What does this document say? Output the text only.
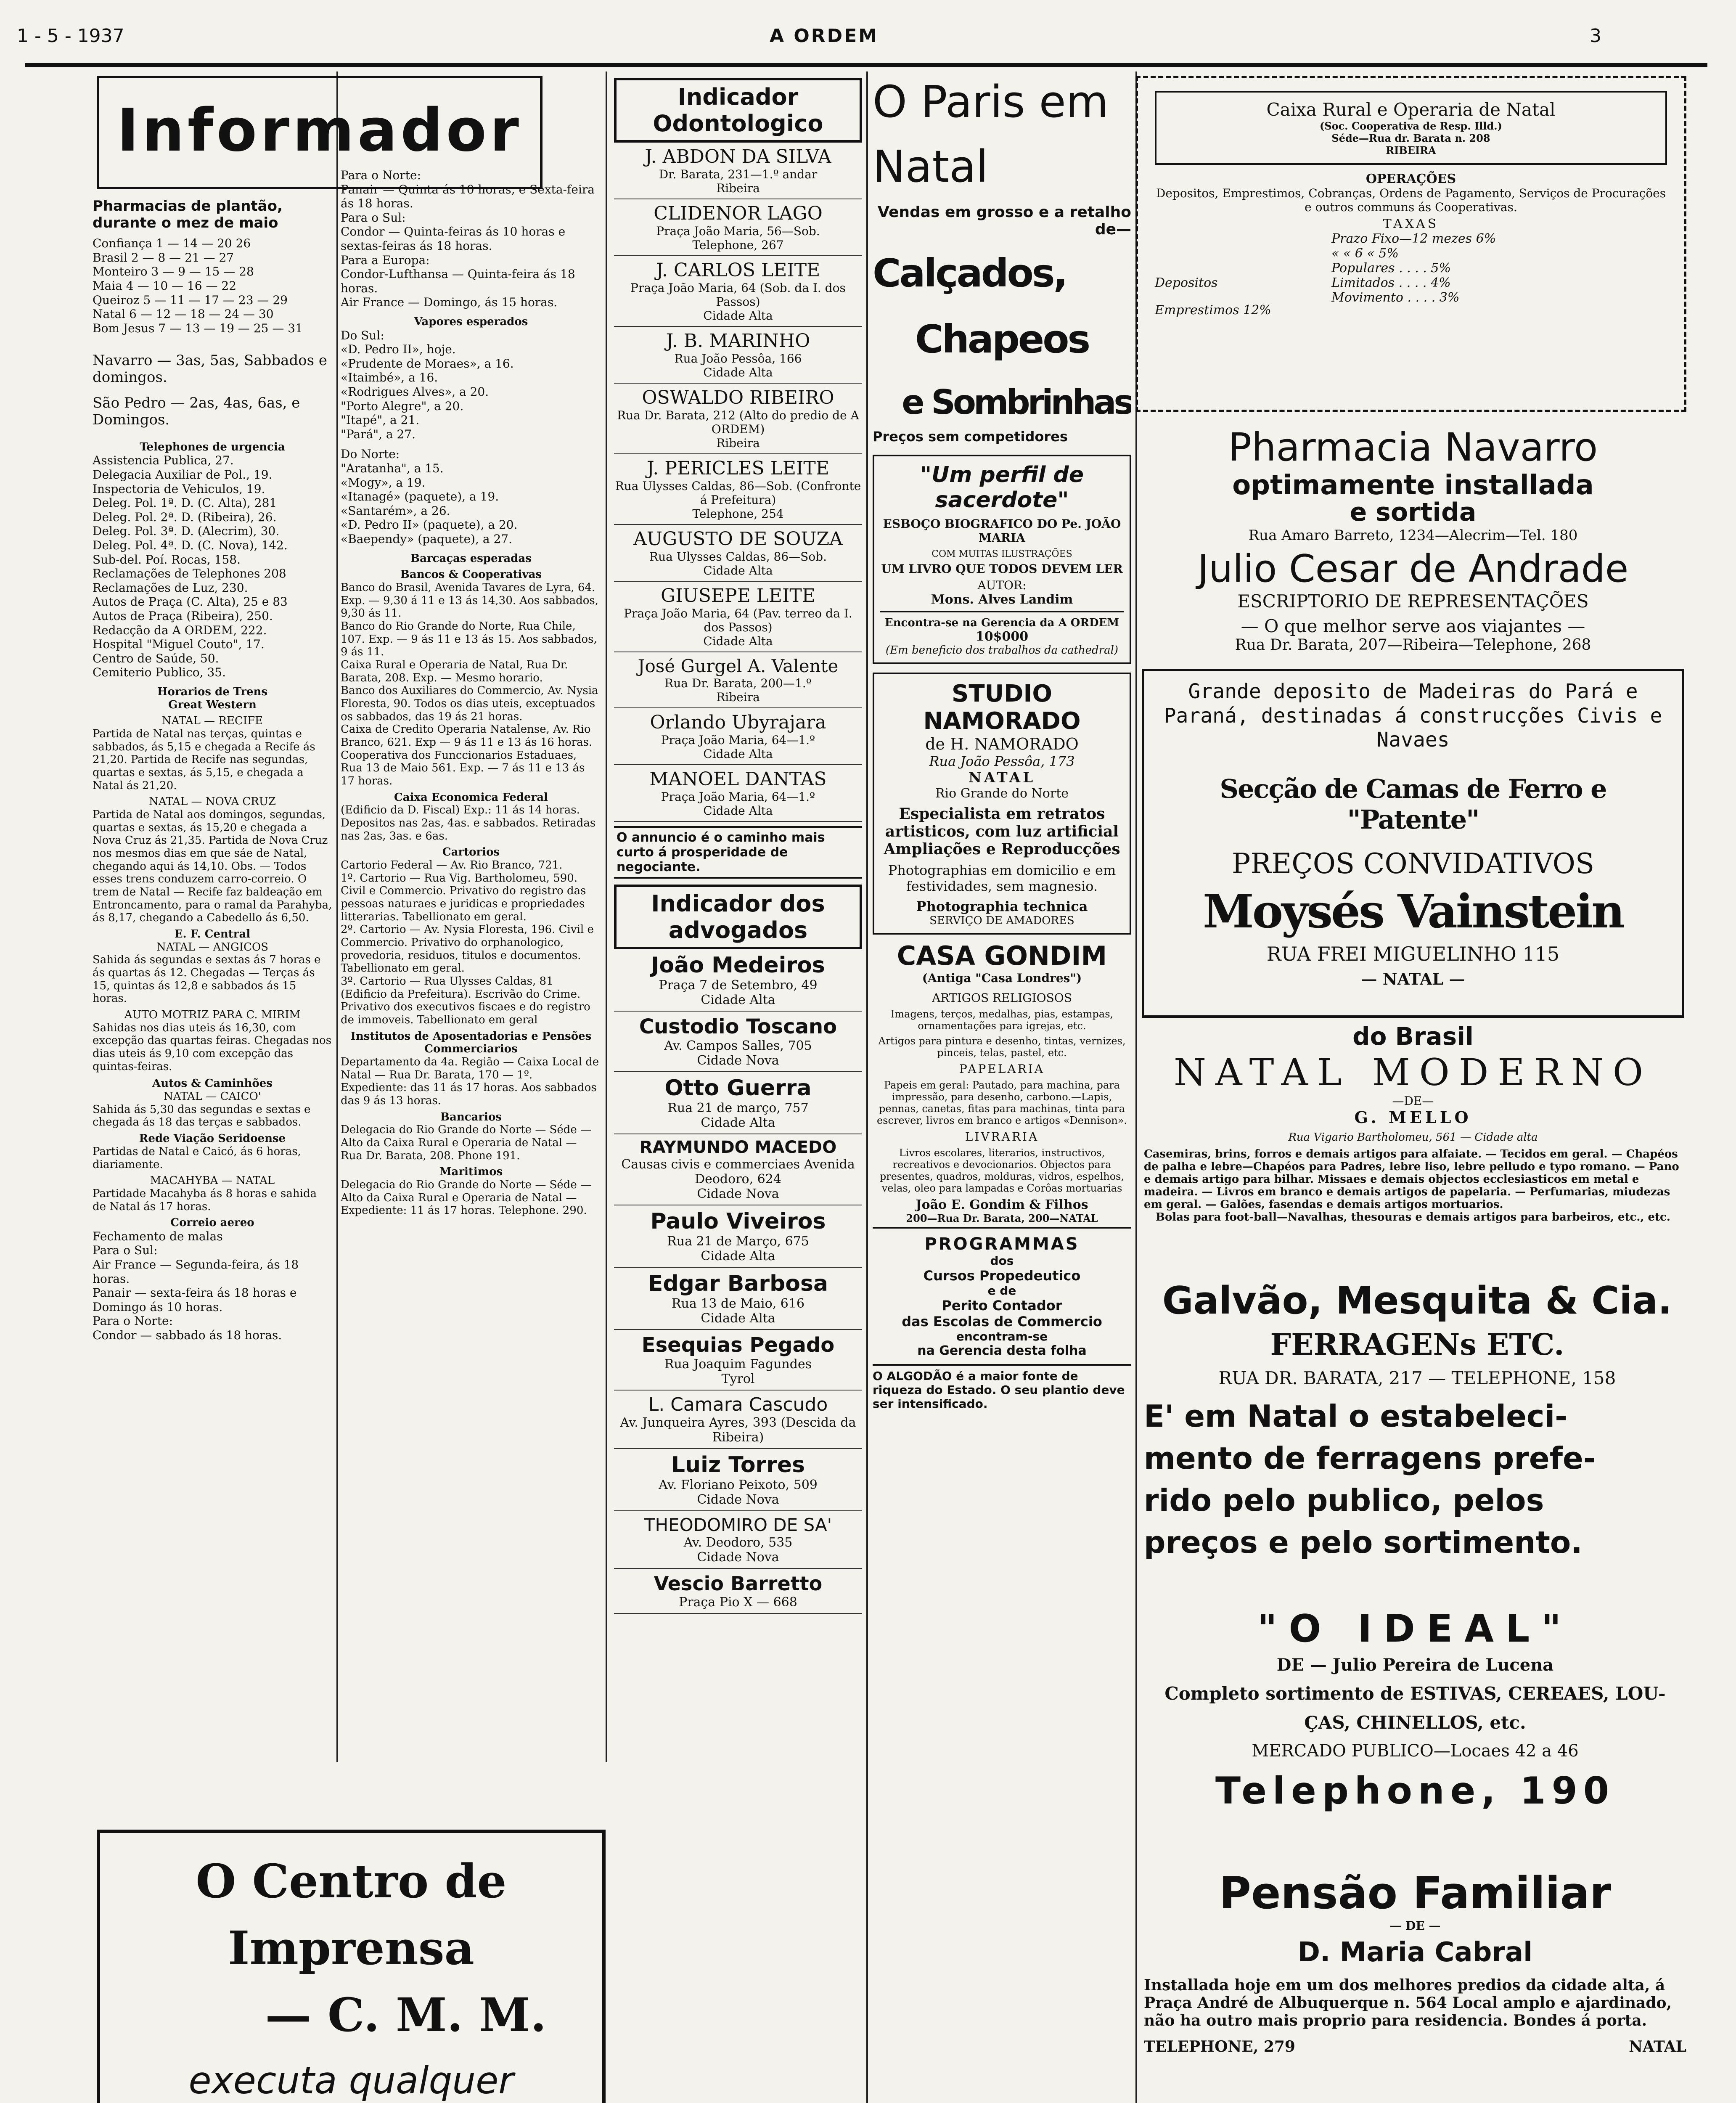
1 - 5 - 1937	A ORDEM	3
Informador

Pharmacias de plantão, durante o mez de maio

Confiança 1 — 14 — 20 26
Brasil 2 — 8 — 21 — 27
Monteiro 3 — 9 — 15 — 28
Maia 4 — 10 — 16 — 22
Queiroz 5 — 11 — 17 — 23 — 29
Natal 6 — 12 — 18 — 24 — 30
Bom Jesus 7 — 13 — 19 — 25 — 31

Navarro — 3as, 5as, Sabbados e domingos.

São Pedro — 2as, 4as, 6as, e Domingos.

Telephones de urgencia

Assistencia Publica, 27.
Delegacia Auxiliar de Pol., 19.
Inspectoria de Vehiculos, 19.
Deleg. Pol. 1ª. D. (C. Alta), 281
Deleg. Pol. 2ª. D. (Ribeira), 26.
Deleg. Pol. 3ª. D. (Alecrim), 30.
Deleg. Pol. 4ª. D. (C. Nova), 142.
Sub-del. Poí. Rocas, 158.
Reclamações de Telephones 208
Reclamações de Luz, 230.
Autos de Praça (C. Alta), 25 e 83
Autos de Praça (Ribeira), 250.
Redacção da A ORDEM, 222.
Hospital "Miguel Couto", 17.
Centro de Saúde, 50.
Cemiterio Publico, 35.

Horarios de Trens

Great Western

NATAL — RECIFE

Partida de Natal nas terças, quintas e sabbados, ás 5,15 e chegada a Recife ás 21,20. Partida de Recife nas segundas, quartas e sextas, ás 5,15, e chegada a Natal ás 21,20.

NATAL — NOVA CRUZ

Partida de Natal aos domingos, segundas, quartas e sextas, ás 15,20 e chegada a Nova Cruz ás 21,35. Partida de Nova Cruz nos mesmos dias em que sáe de Natal, chegando aqui ás 14,10. Obs. — Todos esses trens conduzem carro-correio. O trem de Natal — Recife faz baldeação em Entroncamento, para o ramal da Parahyba, ás 8,17, chegando a Cabedello ás 6,50.

E. F. Central

NATAL — ANGICOS

Sahida ás segundas e sextas ás 7 horas e ás quartas ás 12. Chegadas — Terças ás 15, quintas ás 12,8 e sabbados ás 15 horas.

AUTO MOTRIZ PARA C. MIRIM

Sahidas nos dias uteis ás 16,30, com excepção das quartas feiras. Chegadas nos dias uteis ás 9,10 com excepção das quintas-feiras.

Autos & Caminhões

NATAL — CAICO'

Sahida ás 5,30 das segundas e sextas e chegada ás 18 das terças e sabbados.

Rede Viação Seridoense

Partidas de Natal e Caicó, ás 6 horas, diariamente.

MACAHYBA — NATAL

Partidade Macahyba ás 8 horas e sahida de Natal ás 17 horas.

Correio aereo

Fechamento de malas
Para o Sul:
Air France — Segunda-feira, ás 18 horas.
Panair — sexta-feira ás 18 horas e Domingo ás 10 horas.
Para o Norte:
Condor — sabbado ás 18 horas.
Para o Norte:
Panair — Quinta ás 10 horas, e Sexta-feira ás 18 horas.
Para o Sul:
Condor — Quinta-feiras ás 10 horas e sextas-feiras ás 18 horas.
Para a Europa:
Condor-Lufthansa — Quinta-feira ás 18 horas.
Air France — Domingo, ás 15 horas.

Vapores esperados

Do Sul:
«D. Pedro II», hoje.
«Prudente de Moraes», a 16.
«Itaimbé», a 16.
«Rodrigues Alves», a 20.
"Porto Alegre", a 20.
"Itapé", a 21.
"Pará", a 27.
Do Norte:
"Aratanha", a 15.
«Mogy», a 19.
«Itanagé» (paquete), a 19.
«Santarém», a 26.
«D. Pedro II» (paquete), a 20.
«Baependy» (paquete), a 27.

Barcaças esperadas

Bancos & Cooperativas

Banco do Brasil, Avenida Tavares de Lyra, 64. Exp. — 9,30 á 11 e 13 ás 14,30. Aos sabbados, 9,30 ás 11.

Banco do Rio Grande do Norte, Rua Chile, 107. Exp. — 9 ás 11 e 13 ás 15. Aos sabbados, 9 ás 11.

Caixa Rural e Operaria de Natal, Rua Dr. Barata, 208. Exp. — Mesmo horario.

Banco dos Auxiliares do Commercio, Av. Nysia Floresta, 90. Todos os dias uteis, exceptuados os sabbados, das 19 ás 21 horas.

Caixa de Credito Operaria Natalense, Av. Rio Branco, 621. Exp — 9 ás 11 e 13 ás 16 horas.

Cooperativa dos Funccionarios Estaduaes, Rua 13 de Maio 561. Exp. — 7 ás 11 e 13 ás 17 horas.

Caixa Economica Federal

(Edificio da D. Fiscal) Exp.: 11 ás 14 horas. Depositos nas 2as, 4as. e sabbados. Retiradas nas 2as, 3as. e 6as.

Cartorios

Cartorio Federal — Av. Rio Branco, 721.

1º. Cartorio — Rua Vig. Bartholomeu, 590. Civil e Commercio. Privativo do registro das pessoas naturaes e juridicas e propriedades litterarias. Tabellionato em geral.

2º. Cartorio — Av. Nysia Floresta, 196. Civil e Commercio. Privativo do orphanologico, provedoria, residuos, titulos e documentos. Tabellionato em geral.

3º. Cartorio — Rua Ulysses Caldas, 81 (Edificio da Prefeitura). Escrivão do Crime. Privativo dos executivos fiscaes e do registro de immoveis. Tabellionato em geral

Institutos de Aposentadorias e Pensões Commerciarios

Departamento da 4a. Região — Caixa Local de Natal — Rua Dr. Barata, 170 — 1º. Expediente: das 11 ás 17 horas. Aos sabbados das 9 ás 13 horas.

Bancarios

Delegacia do Rio Grande do Norte — Séde — Alto da Caixa Rural e Operaria de Natal — Rua Dr. Barata, 208. Phone 191.

Maritimos

Delegacia do Rio Grande do Norte — Séde — Alto da Caixa Rural e Operaria de Natal — Expediente: 11 ás 17 horas. Telephone. 290.

O Centro de
Imprensa
— C. M. M.
executa qualquer
Indicador Odontologico
J. ABDON DA SILVA
Dr. Barata, 231—1.º andar
Ribeira
CLIDENOR LAGO
Praça João Maria, 56—Sob.
Telephone, 267
J. CARLOS LEITE
Praça João Maria, 64 (Sob. da I. dos Passos)
Cidade Alta
J. B. MARINHO
Rua João Pessôa, 166
Cidade Alta
OSWALDO RIBEIRO
Rua Dr. Barata, 212 (Alto do predio de A ORDEM)
Ribeira
J. PERICLES LEITE
Rua Ulysses Caldas, 86—Sob. (Confronte á Prefeitura)
Telephone, 254
AUGUSTO DE SOUZA
Rua Ulysses Caldas, 86—Sob.
Cidade Alta
GIUSEPE LEITE
Praça João Maria, 64 (Pav. terreo da I. dos Passos)
Cidade Alta
José Gurgel A. Valente
Rua Dr. Barata, 200—1.º
Ribeira
Orlando Ubyrajara
Praça João Maria, 64—1.º
Cidade Alta
MANOEL DANTAS
Praça João Maria, 64—1.º
Cidade Alta
O annuncio é o caminho mais curto á prosperidade de negociante.
Indicador dos advogados
João Medeiros
Praça 7 de Setembro, 49
Cidade Alta
Custodio Toscano
Av. Campos Salles, 705
Cidade Nova
Otto Guerra
Rua 21 de março, 757
Cidade Alta
RAYMUNDO MACEDO
Causas civis e commerciaes Avenida Deodoro, 624
Cidade Nova
Paulo Viveiros
Rua 21 de Março, 675
Cidade Alta
Edgar Barbosa
Rua 13 de Maio, 616
Cidade Alta
Esequias Pegado
Rua Joaquim Fagundes
Tyrol
L. Camara Cascudo
Av. Junqueira Ayres, 393 (Descida da Ribeira)
Luiz Torres
Av. Floriano Peixoto, 509
Cidade Nova
THEODOMIRO DE SA'
Av. Deodoro, 535
Cidade Nova
Vescio Barretto
Praça Pio X — 668
O Paris em
Natal
Vendas em grosso e a retalho de—
Calçados,
Chapeos
e Sombrinhas
Preços sem competidores
"Um perfil de sacerdote"
ESBOÇO BIOGRAFICO DO Pe. JOÃO MARIA
COM MUITAS ILUSTRAÇÕES
UM LIVRO QUE TODOS DEVEM LER
AUTOR:
Mons. Alves Landim
Encontra-se na Gerencia da A ORDEM
10$000
(Em beneficio dos trabalhos da cathedral)
STUDIO NAMORADO
de H. NAMORADO
Rua João Pessôa, 173
NATAL
Rio Grande do Norte
Especialista em retratos artisticos, com luz artificial
Ampliações e Reproducções
Photographias em domicilio e em festividades, sem magnesio.
Photographia technica
SERVIÇO DE AMADORES
CASA GONDIM
(Antiga "Casa Londres")
ARTIGOS RELIGIOSOS
Imagens, terços, medalhas, pias, estampas, ornamentações para igrejas, etc.
Artigos para pintura e desenho, tintas, vernizes, pinceis, telas, pastel, etc.
PAPELARIA
Papeis em geral: Pautado, para machina, para impressão, para desenho, carbono.—Lapis, pennas, canetas, fitas para machinas, tinta para escrever, livros em branco e artigos «Dennison».
LIVRARIA
Livros escolares, literarios, instructivos, recreativos e devocionarios. Objectos para presentes, quadros, molduras, vidros, espelhos, velas, oleo para lampadas e Corôas mortuarias
João E. Gondim & Filhos
200—Rua Dr. Barata, 200—NATAL
PROGRAMMAS
dos
Cursos Propedeutico
e de
Perito Contador
das Escolas de Commercio
encontram-se
na Gerencia desta folha
O ALGODÃO é a maior fonte de riqueza do Estado. O seu plantio deve ser intensificado.
Caixa Rural e Operaria de Natal
(Soc. Cooperativa de Resp. Illd.)
Séde—Rua dr. Barata n. 208
RIBEIRA
OPERAÇÕES
Depositos, Emprestimos, Cobranças, Ordens de Pagamento, Serviços de Procurações e outros communs ás Cooperativas.
TAXAS
Prazo Fixo—12 mezes 6%
« « 6 « 5%
Populares . . . . 5%
Limitados . . . . 4%
Movimento . . . . 3%
Depositos
Emprestimos 12%
Pharmacia Navarro
optimamente installada
e sortida
Rua Amaro Barreto, 1234—Alecrim—Tel. 180
Julio Cesar de Andrade
ESCRIPTORIO DE REPRESENTAÇÕES
— O que melhor serve aos viajantes —
Rua Dr. Barata, 207—Ribeira—Telephone, 268
Grande deposito de Madeiras do Pará e Paraná, destinadas á construcções Civis e Navaes
Secção de Camas de Ferro e "Patente"
PREÇOS CONVIDATIVOS
Moysés Vainstein
RUA FREI MIGUELINHO 115
— NATAL —
do Brasil
NATAL MODERNO
—DE—
G. MELLO
Rua Vigario Bartholomeu, 561 — Cidade alta
Casemiras, brins, forros e demais artigos para alfaiate. — Tecidos em geral. — Chapéos de palha e lebre—Chapéos para Padres, lebre liso, lebre pelludo e typo romano. — Pano e demais artigo para bilhar. Missaes e demais objectos ecclesiasticos em metal e madeira. — Livros em branco e demais artigos de papelaria. — Perfumarias, miudezas em geral. — Galões, fasendas e demais artigos mortuarios.
Bolas para foot-ball—Navalhas, thesouras e demais artigos para barbeiros, etc., etc.
Galvão, Mesquita & Cia.
FERRAGENs ETC.
RUA DR. BARATA, 217 — TELEPHONE, 158
E' em Natal o estabeleci-
mento de ferragens prefe-
rido pelo publico, pelos
preços e pelo sortimento.
"O IDEAL"
DE — Julio Pereira de Lucena
Completo sortimento de ESTIVAS, CEREAES, LOU-
ÇAS, CHINELLOS, etc.
MERCADO PUBLICO—Locaes 42 a 46
Telephone, 190
Pensão Familiar
— DE —
D. Maria Cabral
Installada hoje em um dos melhores predios da cidade alta, á Praça André de Albuquerque n. 564 Local amplo e ajardinado, não ha outro mais proprio para residencia. Bondes á porta.
TELEPHONE, 279	NATAL
